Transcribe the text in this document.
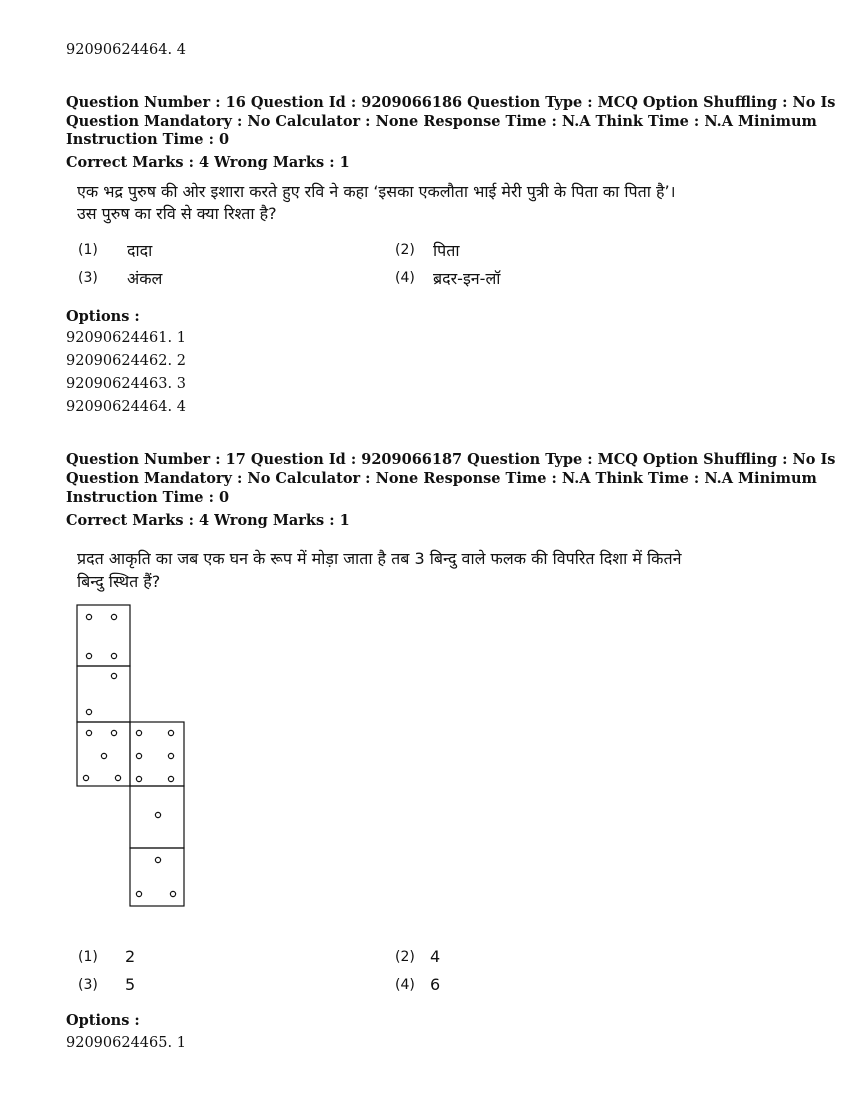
92090624464. 4
Question Number : 16 Question Id : 9209066186 Question Type : MCQ Option Shuffling : No Is
Question Mandatory : No Calculator : None Response Time : N.A Think Time : N.A Minimum
Instruction Time : 0
Correct Marks : 4 Wrong Marks : 1
एक भद्र पुरुष की ओर इशारा करते हुए रवि ने कहा ‘इसका एकलौता भाई मेरी पुत्री के पिता का पिता है’।
उस पुरुष का रवि से क्या रिश्ता है?
(1) दादा	(2) पिता
(3) अंकल	(4) ब्रदर-इन-लॉ
Options :
92090624461. 1
92090624462. 2
92090624463. 3
92090624464. 4
Question Number : 17 Question Id : 9209066187 Question Type : MCQ Option Shuffling : No Is
Question Mandatory : No Calculator : None Response Time : N.A Think Time : N.A Minimum
Instruction Time : 0
Correct Marks : 4 Wrong Marks : 1
प्रदत आकृति का जब एक घन के रूप में मोड़ा जाता है तब 3 बिन्दु वाले फलक की विपरित दिशा में कितने
बिन्दु स्थित हैं?
(1) 2	(2) 4
(3) 5	(4) 6
Options :
92090624465. 1
